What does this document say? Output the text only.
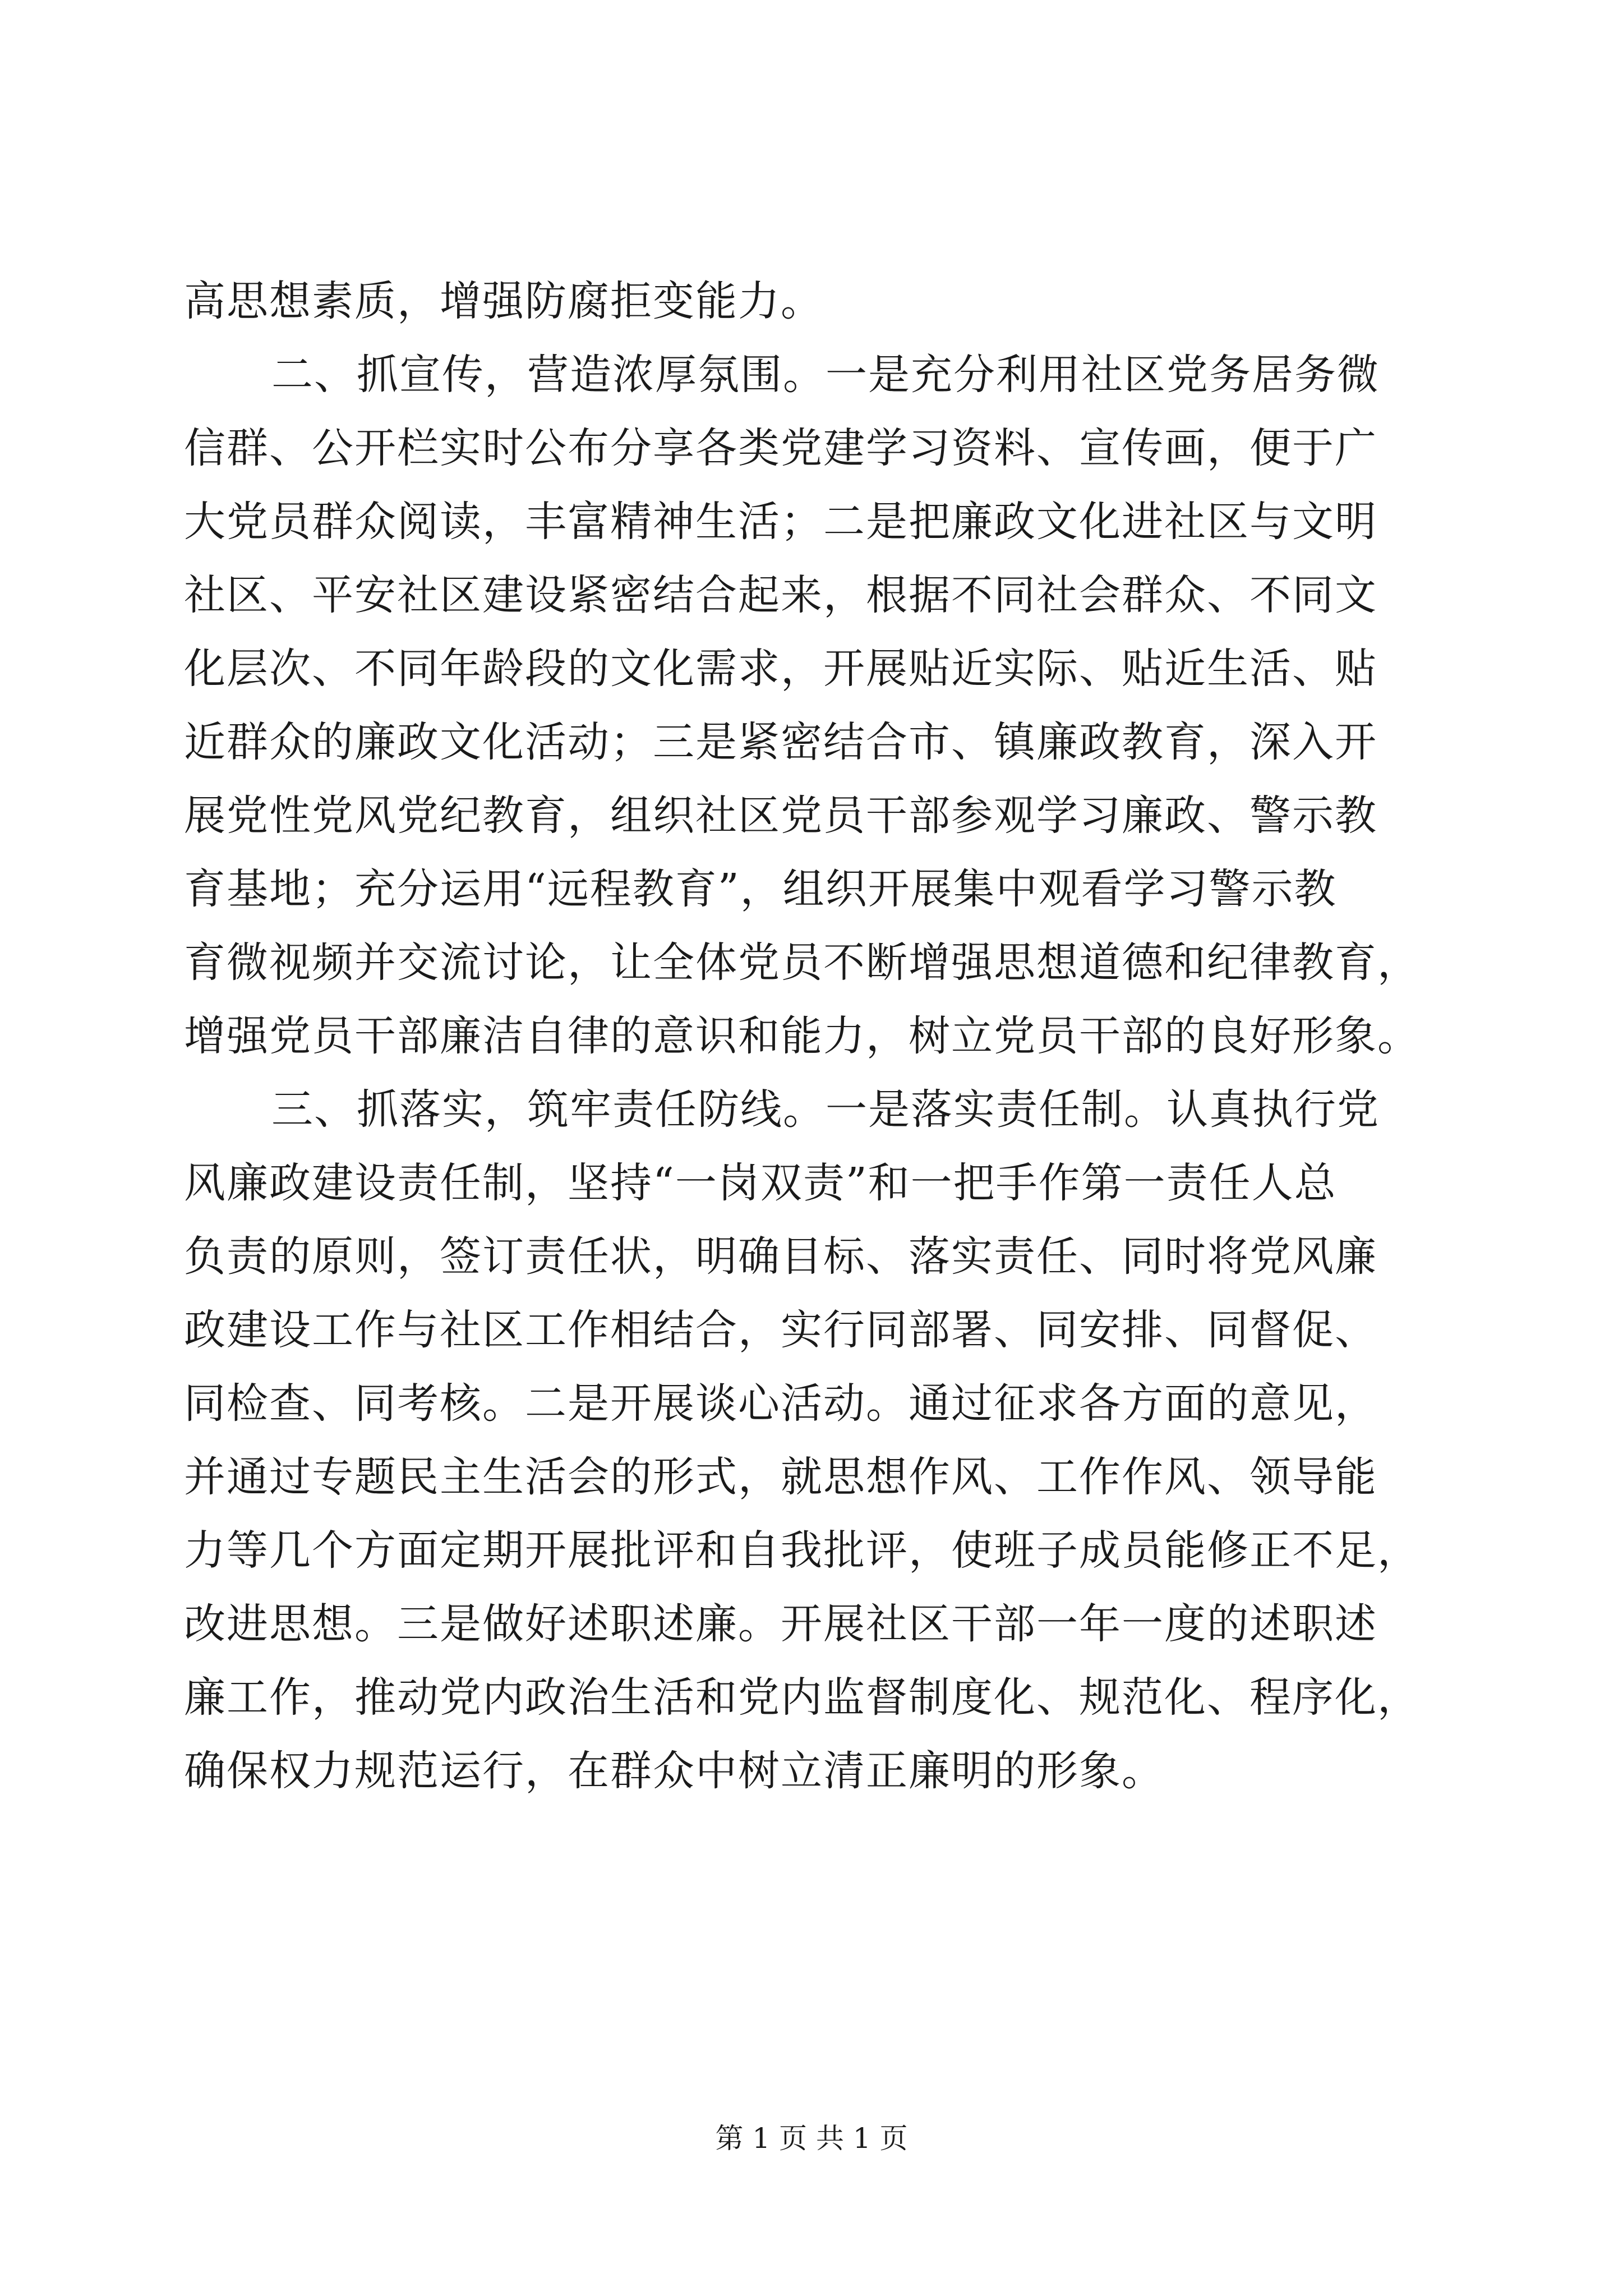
高思想素质，增强防腐拒变能力。
二、抓宣传，营造浓厚氛围。一是充分利用社区党务居务微
信群、公开栏实时公布分享各类党建学习资料、宣传画，便于广
大党员群众阅读，丰富精神生活；二是把廉政文化进社区与文明
社区、平安社区建设紧密结合起来，根据不同社会群众、不同文
化层次、不同年龄段的文化需求，开展贴近实际、贴近生活、贴
近群众的廉政文化活动；三是紧密结合市、镇廉政教育，深入开
展党性党风党纪教育，组织社区党员干部参观学习廉政、警示教
育基地；充分运用“远程教育”，组织开展集中观看学习警示教
育微视频并交流讨论，让全体党员不断增强思想道德和纪律教育，
增强党员干部廉洁自律的意识和能力，树立党员干部的良好形象。
三、抓落实，筑牢责任防线。一是落实责任制。认真执行党
风廉政建设责任制，坚持“一岗双责”和一把手作第一责任人总
负责的原则，签订责任状，明确目标、落实责任、同时将党风廉
政建设工作与社区工作相结合，实行同部署、同安排、同督促、
同检查、同考核。二是开展谈心活动。通过征求各方面的意见，
并通过专题民主生活会的形式，就思想作风、工作作风、领导能
力等几个方面定期开展批评和自我批评，使班子成员能修正不足，
改进思想。三是做好述职述廉。开展社区干部一年一度的述职述
廉工作，推动党内政治生活和党内监督制度化、规范化、程序化，
确保权力规范运行，在群众中树立清正廉明的形象。
第 1 页 共 1 页
